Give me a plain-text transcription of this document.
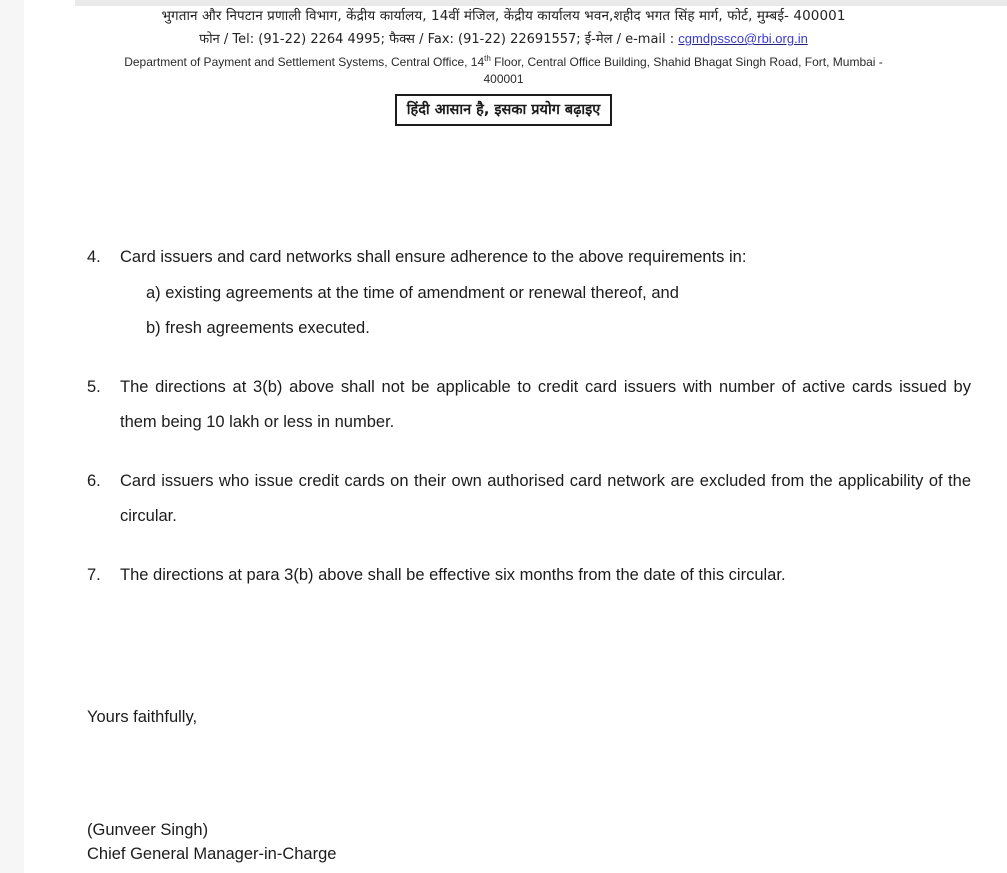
भुगतान और निपटान प्रणाली विभाग, केंद्रीय कार्यालय, 14वीं मंजिल, केंद्रीय कार्यालय भवन,शहीद भगत सिंह मार्ग, फोर्ट, मुम्बई- 400001
फोन / Tel: (91-22) 2264 4995; फैक्स / Fax: (91-22) 22691557; ई-मेल / e-mail : cgmdpssco@rbi.org.in
Department of Payment and Settlement Systems, Central Office, 14th Floor, Central Office Building, Shahid Bhagat Singh Road, Fort, Mumbai -
400001
हिंदी आसान है, इसका प्रयोग बढ़ाइए
4.	Card issuers and card networks shall ensure adherence to the above requirements in:
a) existing agreements at the time of amendment or renewal thereof, and
b) fresh agreements executed.
5.	The directions at 3(b) above shall not be applicable to credit card issuers with number of active cards issued by them being 10 lakh or less in number.
6.	Card issuers who issue credit cards on their own authorised card network are excluded from the applicability of the circular.
7.	The directions at para 3(b) above shall be effective six months from the date of this circular.
Yours faithfully,
(Gunveer Singh)
Chief General Manager-in-Charge
